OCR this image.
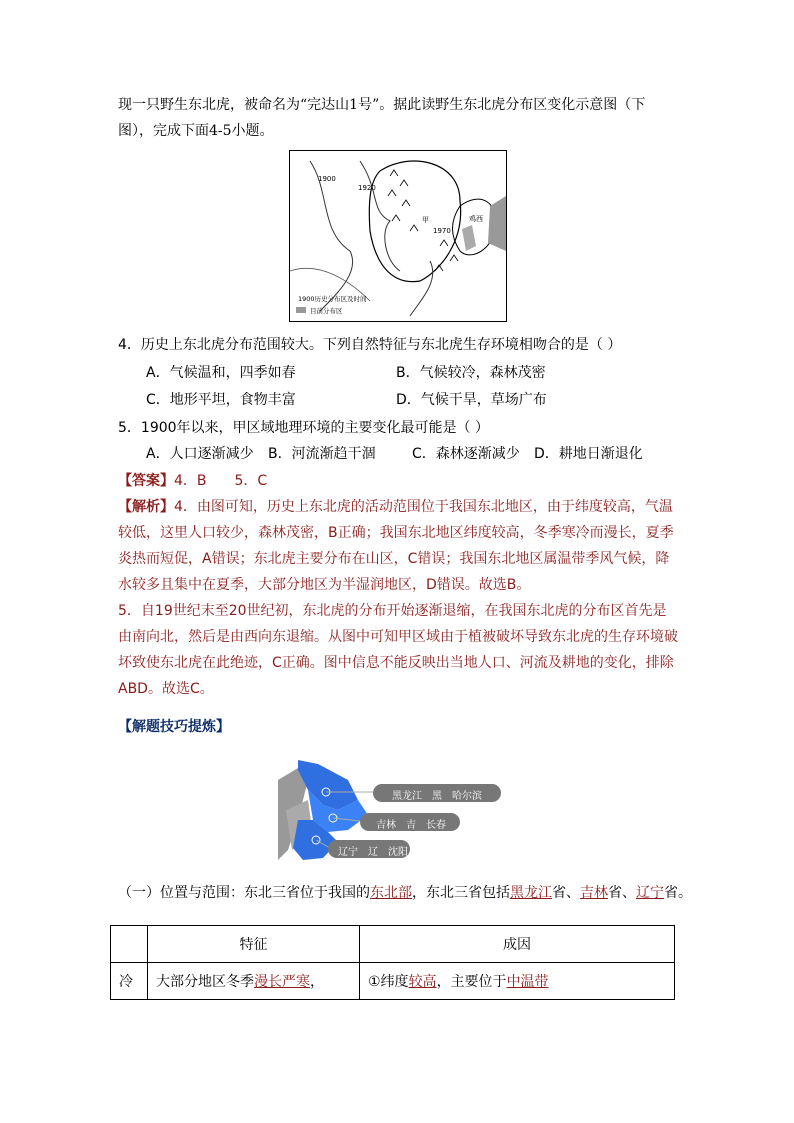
现一只野生东北虎，被命名为“完达山1号”。据此读野生东北虎分布区变化示意图（下
图），完成下面4-5小题。

1900
1920
甲
1970
鸡西
1900历史分布区及时间
目前分布区
4．历史上东北虎分布范围较大。下列自然特征与东北虎生存环境相吻合的是（ ）
A．气候温和，四季如春	B．气候较冷，森林茂密
C．地形平坦，食物丰富	D．气候干旱，草场广布
5．1900年以来，甲区域地理环境的主要变化最可能是（ ）
A．人口逐渐减少 B．河流渐趋干涸	C．森林逐渐减少 D．耕地日渐退化
【答案】4．B　　5．C
【解析】4．由图可知，历史上东北虎的活动范围位于我国东北地区，由于纬度较高，气温
较低，这里人口较少，森林茂密，B正确；我国东北地区纬度较高，冬季寒冷而漫长，夏季
炎热而短促，A错误；东北虎主要分布在山区，C错误；我国东北地区属温带季风气候，降
水较多且集中在夏季，大部分地区为半湿润地区，D错误。故选B。
5．自19世纪末至20世纪初，东北虎的分布开始逐渐退缩，在我国东北虎的分布区首先是
由南向北，然后是由西向东退缩。从图中可知甲区域由于植被破坏导致东北虎的生存环境破
坏致使东北虎在此绝迹，C正确。图中信息不能反映出当地人口、河流及耕地的变化，排除
ABD。故选C。
【解题技巧提炼】
黑龙江　黑　哈尔滨
吉林　吉　长春
辽宁　辽　沈阳
（一）位置与范围：东北三省位于我国的东北部，东北三省包括黑龙江省、吉林省、辽宁省。
	特征	成因
冷	大部分地区冬季漫长严寒，	①纬度较高，主要位于中温带
